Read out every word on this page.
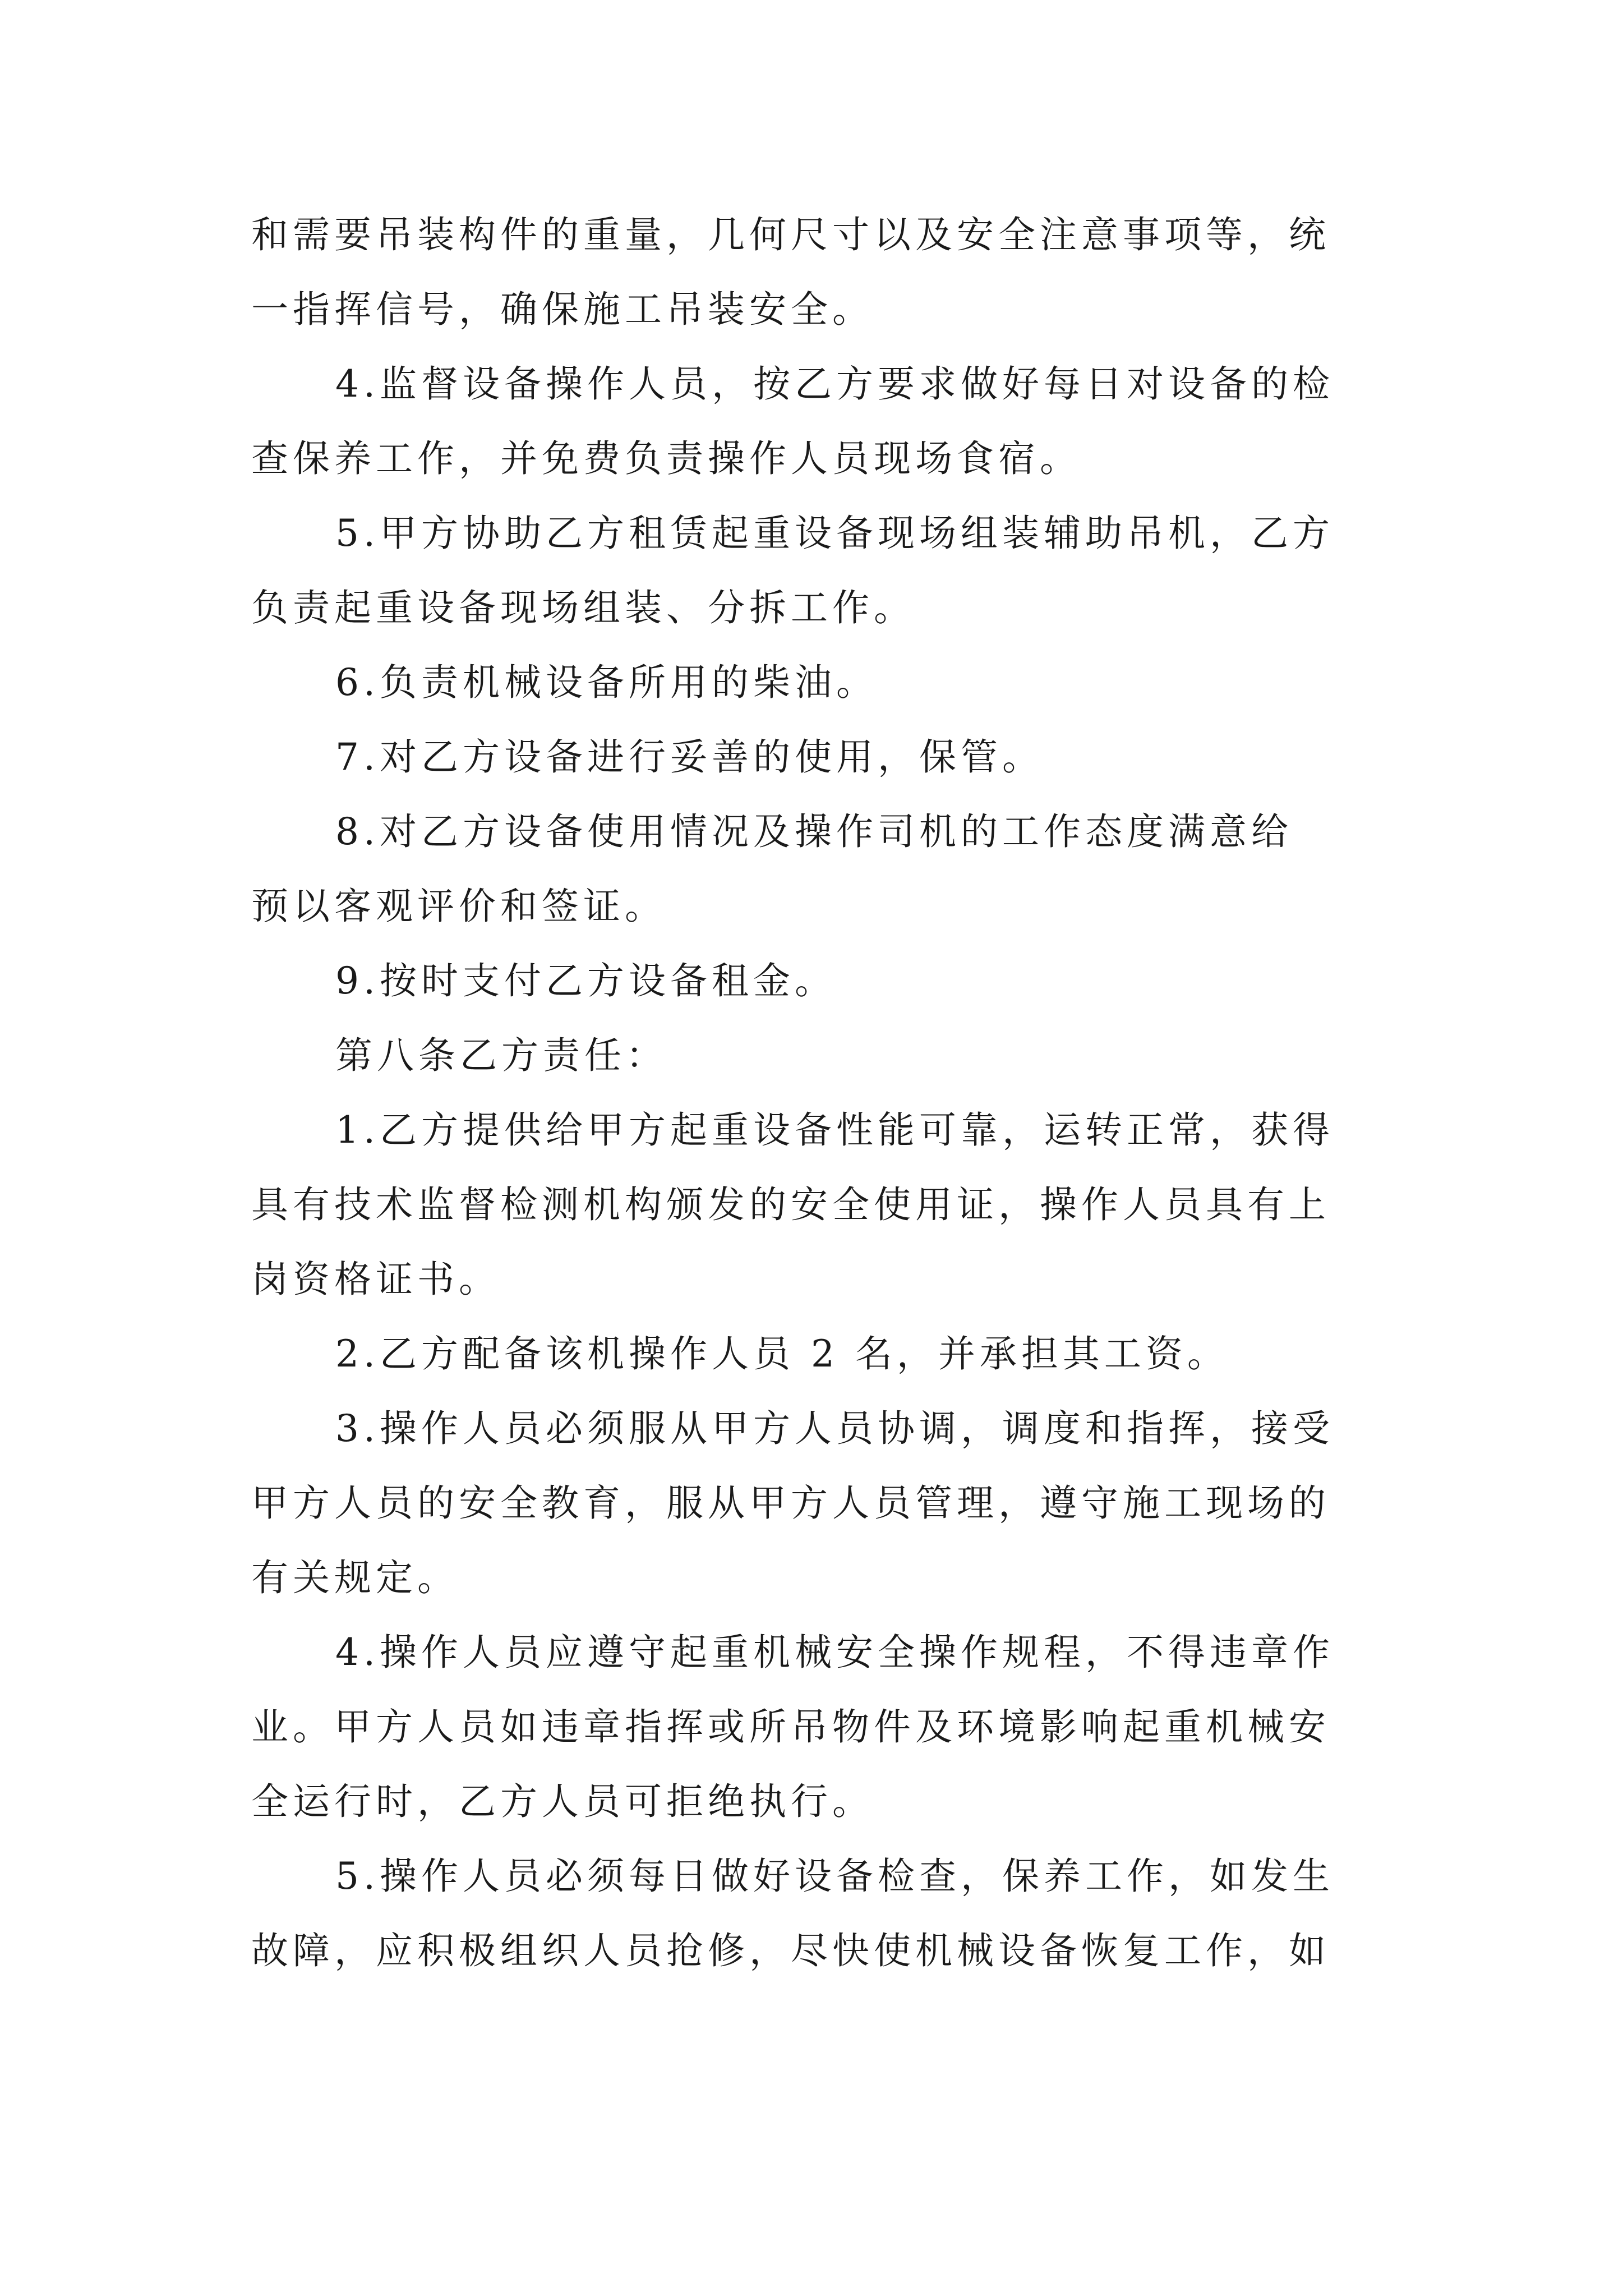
和需要吊装构件的重量，几何尺寸以及安全注意事项等，统
一指挥信号，确保施工吊装安全。

4.监督设备操作人员，按乙方要求做好每日对设备的检
查保养工作，并免费负责操作人员现场食宿。

5.甲方协助乙方租赁起重设备现场组装辅助吊机，乙方
负责起重设备现场组装、分拆工作。

6.负责机械设备所用的柴油。

7.对乙方设备进行妥善的使用，保管。

8.对乙方设备使用情况及操作司机的工作态度满意给
预以客观评价和签证。

9.按时支付乙方设备租金。

第八条乙方责任：

1.乙方提供给甲方起重设备性能可靠，运转正常，获得
具有技术监督检测机构颁发的安全使用证，操作人员具有上
岗资格证书。

2.乙方配备该机操作人员 2 名，并承担其工资。

3.操作人员必须服从甲方人员协调，调度和指挥，接受
甲方人员的安全教育，服从甲方人员管理，遵守施工现场的
有关规定。

4.操作人员应遵守起重机械安全操作规程，不得违章作
业。甲方人员如违章指挥或所吊物件及环境影响起重机械安
全运行时，乙方人员可拒绝执行。

5.操作人员必须每日做好设备检查，保养工作，如发生
故障，应积极组织人员抢修，尽快使机械设备恢复工作，如
